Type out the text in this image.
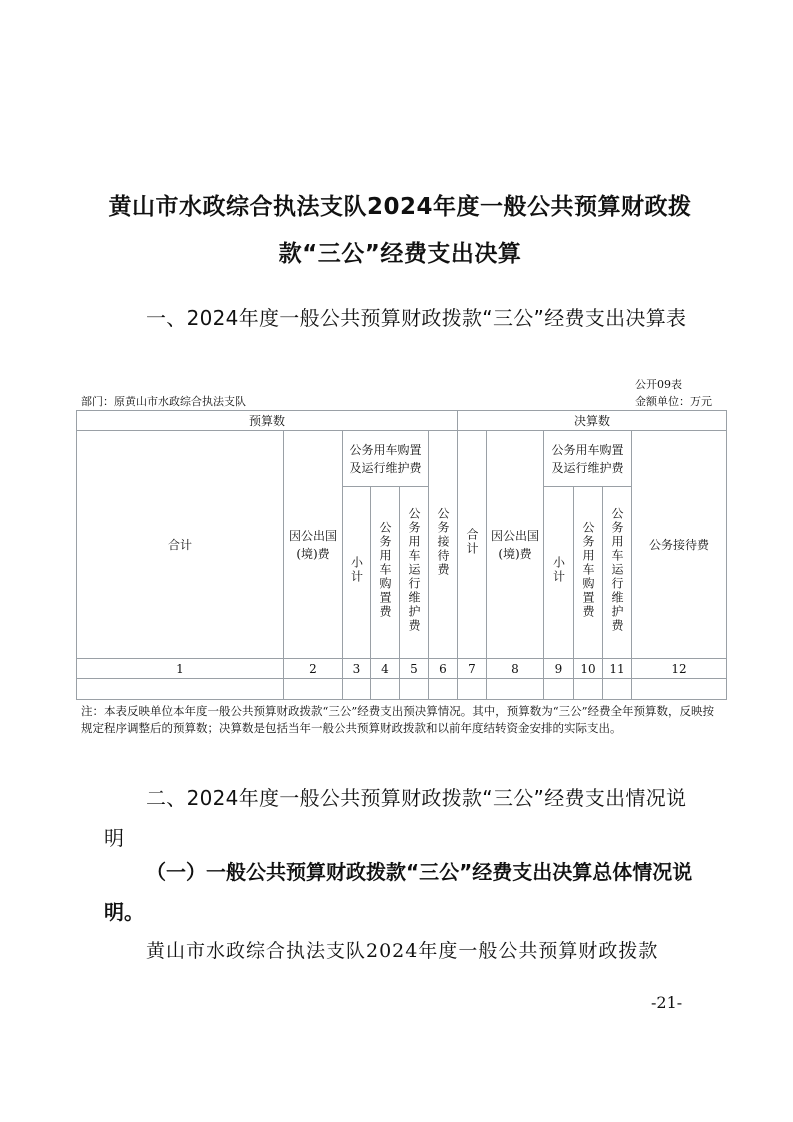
黄山市水政综合执法支队2024年度一般公共预算财政拨
款“三公”经费支出决算

一、2024年度一般公共预算财政拨款“三公”经费支出决算表

公开09表
部门：原黄山市水政综合执法支队	金额单位：万元
预算数						决算数					
合计	因公出国(境)费	公务用车购置及运行维护费			公务接待费	合计	因公出国(境)费	公务用车购置及运行维护费			公务接待费
		小计	公务用车购置费	公务用车运行维护费				小计	公务用车购置费	公务用车运行维护费	
1	2	3	4	5	6	7	8	9	10	11	12

注：本表反映单位本年度一般公共预算财政拨款“三公”经费支出预决算情况。其中，预算数为“三公”经费全年预算数，反映按规定程序调整后的预算数；决算数是包括当年一般公共预算财政拨款和以前年度结转资金安排的实际支出。

二、2024年度一般公共预算财政拨款“三公”经费支出情况说明

（一）一般公共预算财政拨款“三公”经费支出决算总体情况说明。

黄山市水政综合执法支队2024年度一般公共预算财政拨款

-21-
